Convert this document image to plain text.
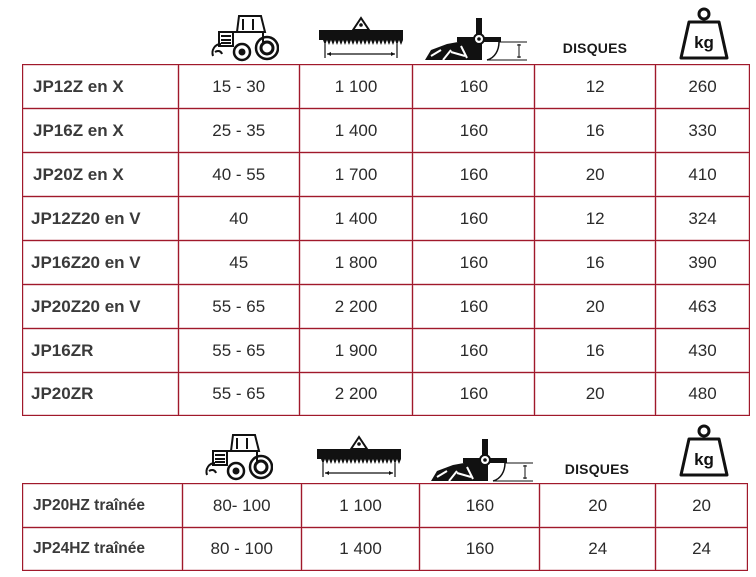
DISQUES	kg
JP12Z en X	15 - 30	1 100	160	12	260
JP16Z en X	25 - 35	1 400	160	16	330
JP20Z en X	40 - 55	1 700	160	20	410
JP12Z20 en V	40	1 400	160	12	324
JP16Z20 en V	45	1 800	160	16	390
JP20Z20 en V	55 - 65	2 200	160	20	463
JP16ZR	55 - 65	1 900	160	16	430
JP20ZR	55 - 65	2 200	160	20	480
DISQUES	kg
JP20HZ traînée	80- 100	1 100	160	20	20
JP24HZ traînée	80 - 100	1 400	160	24	24
